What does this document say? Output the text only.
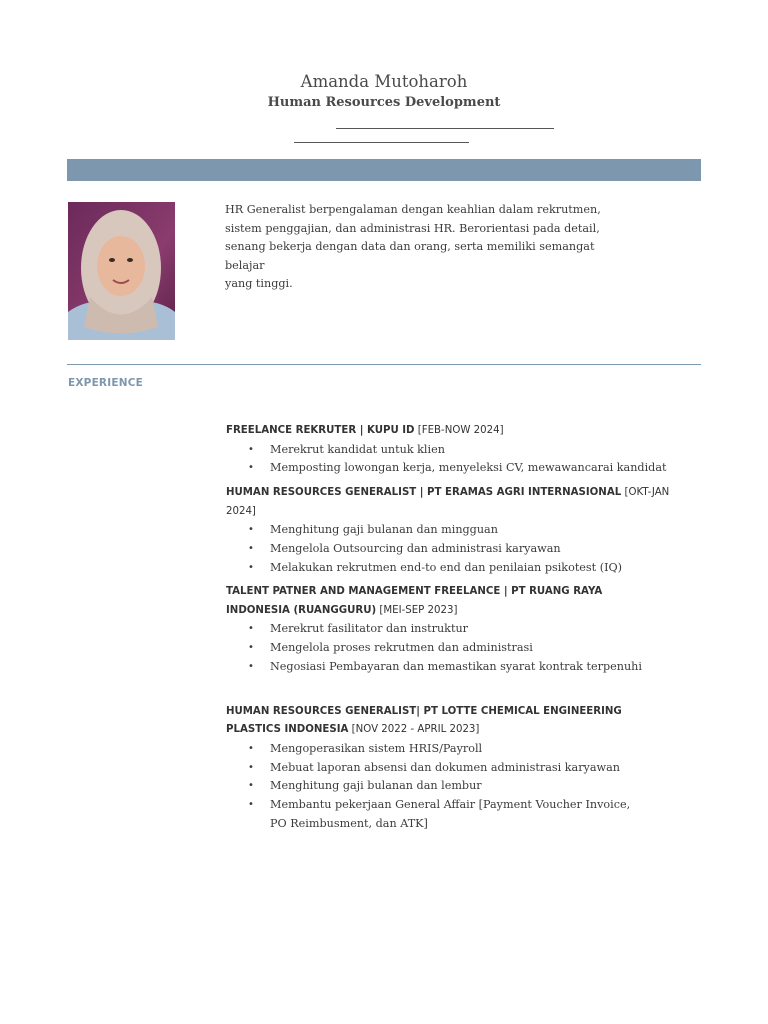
Amanda Mutoharoh
Human Resources Development
HR Generalist berpengalaman dengan keahlian dalam rekrutmen,
sistem penggajian, dan administrasi HR. Berorientasi pada detail,
senang bekerja dengan data dan orang, serta memiliki semangat belajar
yang tinggi.
EXPERIENCE
FREELANCE REKRUTER | KUPU ID [FEB-NOW 2024]
• Merekrut kandidat untuk klien
• Memposting lowongan kerja, menyeleksi CV, mewawancarai kandidat
HUMAN RESOURCES GENERALIST | PT ERAMAS AGRI INTERNASIONAL [OKT-JAN 2024]
• Menghitung gaji bulanan dan mingguan
• Mengelola Outsourcing dan administrasi karyawan
• Melakukan rekrutmen end-to end dan penilaian psikotest (IQ)
TALENT PATNER AND MANAGEMENT FREELANCE | PT RUANG RAYA INDONESIA (RUANGGURU) [MEI-SEP 2023]
• Merekrut fasilitator dan instruktur
• Mengelola proses rekrutmen dan administrasi
• Negosiasi Pembayaran dan memastikan syarat kontrak terpenuhi
HUMAN RESOURCES GENERALIST| PT LOTTE CHEMICAL ENGINEERING PLASTICS INDONESIA [NOV 2022 - APRIL 2023]
• Mengoperasikan sistem HRIS/Payroll
• Mebuat laporan absensi dan dokumen administrasi karyawan
• Menghitung gaji bulanan dan lembur
• Membantu pekerjaan General Affair [Payment Voucher Invoice, PO Reimbusment, dan ATK]
